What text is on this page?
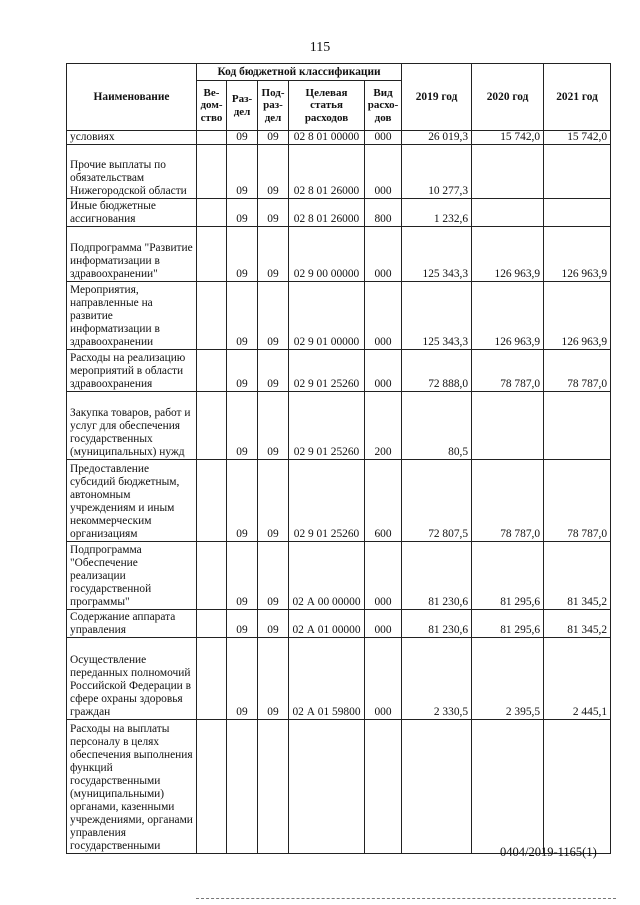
115
Наименование	Код бюджетной классификации					2019 год	2020 год	2021 год
	Ве- дом- ство	Раз- дел	Под- раз- дел	Целевая статья расходов	Вид расхо- дов			
условиях		09	09	02 8 01 00000	000	26 019,3	15 742,0	15 742,0
Прочие выплаты по обязательствам Нижегородской области		09	09	02 8 01 26000	000	10 277,3		
Иные бюджетные ассигнования		09	09	02 8 01 26000	800	1 232,6		
Подпрограмма "Развитие информатизации в здравоохранении"		09	09	02 9 00 00000	000	125 343,3	126 963,9	126 963,9
Мероприятия, направленные на развитие информатизации в здравоохранении		09	09	02 9 01 00000	000	125 343,3	126 963,9	126 963,9
Расходы на реализацию мероприятий в области здравоохранения		09	09	02 9 01 25260	000	72 888,0	78 787,0	78 787,0
Закупка товаров, работ и услуг для обеспечения государственных (муниципальных) нужд		09	09	02 9 01 25260	200	80,5		
Предоставление субсидий бюджетным, автономным учреждениям и иным некоммерческим организациям		09	09	02 9 01 25260	600	72 807,5	78 787,0	78 787,0
Подпрограмма "Обеспечение реализации государственной программы"		09	09	02 А 00 00000	000	81 230,6	81 295,6	81 345,2
Содержание аппарата управления		09	09	02 А 01 00000	000	81 230,6	81 295,6	81 345,2
Осуществление переданных полномочий Российской Федерации в сфере охраны здоровья граждан		09	09	02 А 01 59800	000	2 330,5	2 395,5	2 445,1
Расходы на выплаты персоналу в целях обеспечения выполнения функций государственными (муниципальными) органами, казенными учреждениями, органами управления государственными									0404/2019-1165(1)
